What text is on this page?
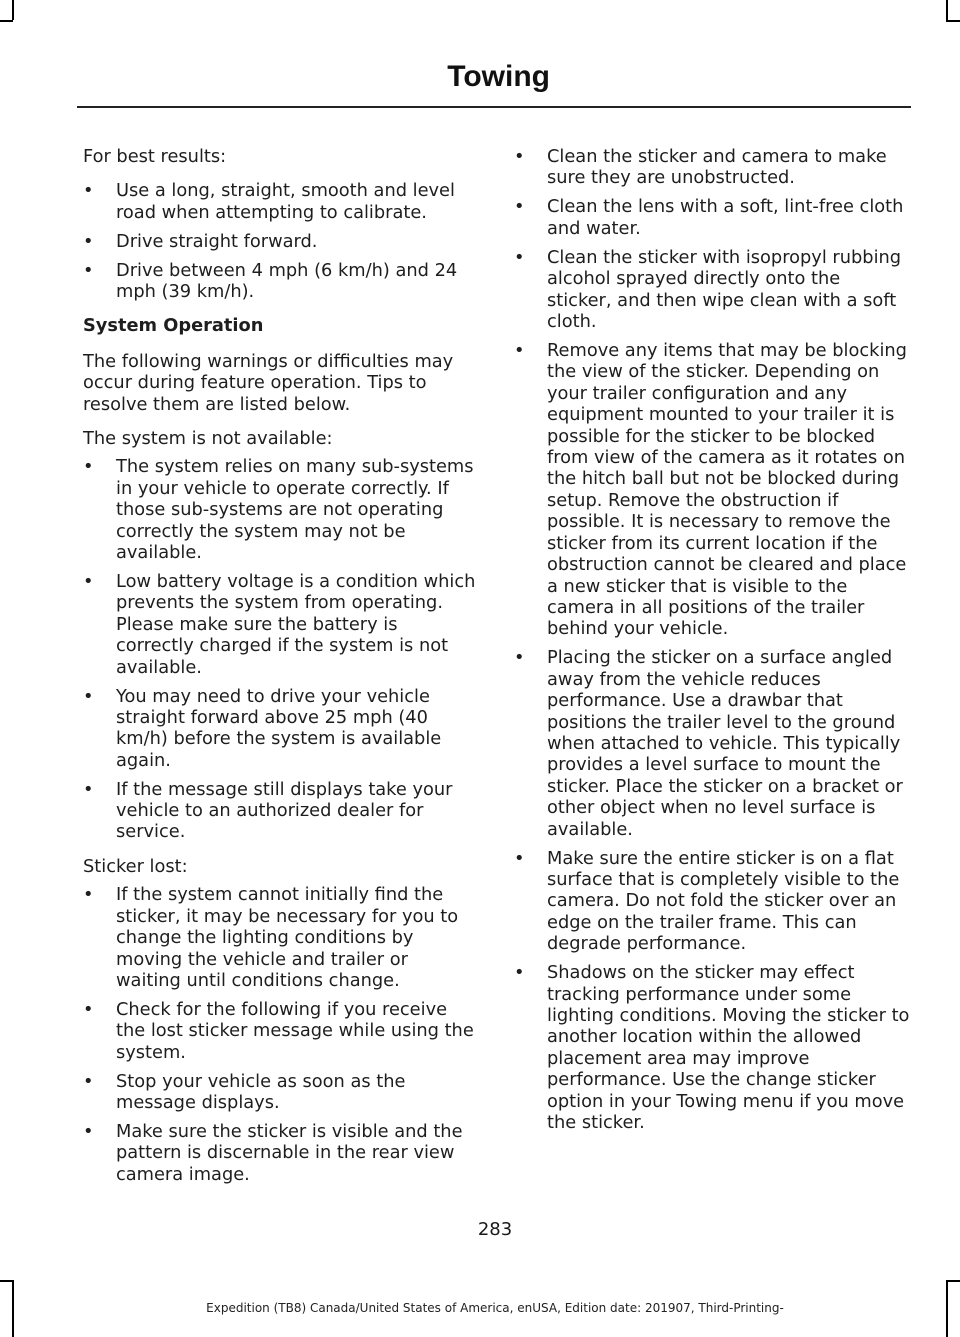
Towing

For best results:

• Use a long, straight, smooth and level road when attempting to calibrate.
• Drive straight forward.
• Drive between 4 mph (6 km/h) and 24 mph (39 km/h).

System Operation

The following warnings or difficulties may occur during feature operation. Tips to resolve them are listed below.

The system is not available:

• The system relies on many sub-systems in your vehicle to operate correctly. If those sub-systems are not operating correctly the system may not be available.
• Low battery voltage is a condition which prevents the system from operating. Please make sure the battery is correctly charged if the system is not available.
• You may need to drive your vehicle straight forward above 25 mph (40 km/h) before the system is available again.
• If the message still displays take your vehicle to an authorized dealer for service.

Sticker lost:

• If the system cannot initially find the sticker, it may be necessary for you to change the lighting conditions by moving the vehicle and trailer or waiting until conditions change.
• Check for the following if you receive the lost sticker message while using the system.
• Stop your vehicle as soon as the message displays.
• Make sure the sticker is visible and the pattern is discernable in the rear view camera image.
• Clean the sticker and camera to make sure they are unobstructed.
• Clean the lens with a soft, lint-free cloth and water.
• Clean the sticker with isopropyl rubbing alcohol sprayed directly onto the sticker, and then wipe clean with a soft cloth.
• Remove any items that may be blocking the view of the sticker. Depending on your trailer configuration and any equipment mounted to your trailer it is possible for the sticker to be blocked from view of the camera as it rotates on the hitch ball but not be blocked during setup. Remove the obstruction if possible. It is necessary to remove the sticker from its current location if the obstruction cannot be cleared and place a new sticker that is visible to the camera in all positions of the trailer behind your vehicle.
• Placing the sticker on a surface angled away from the vehicle reduces performance. Use a drawbar that positions the trailer level to the ground when attached to vehicle. This typically provides a level surface to mount the sticker. Place the sticker on a bracket or other object when no level surface is available.
• Make sure the entire sticker is on a flat surface that is completely visible to the camera. Do not fold the sticker over an edge on the trailer frame. This can degrade performance.
• Shadows on the sticker may effect tracking performance under some lighting conditions. Moving the sticker to another location within the allowed placement area may improve performance. Use the change sticker option in your Towing menu if you move the sticker.
283
Expedition (TB8) Canada/United States of America, enUSA, Edition date: 201907, Third-Printing-
